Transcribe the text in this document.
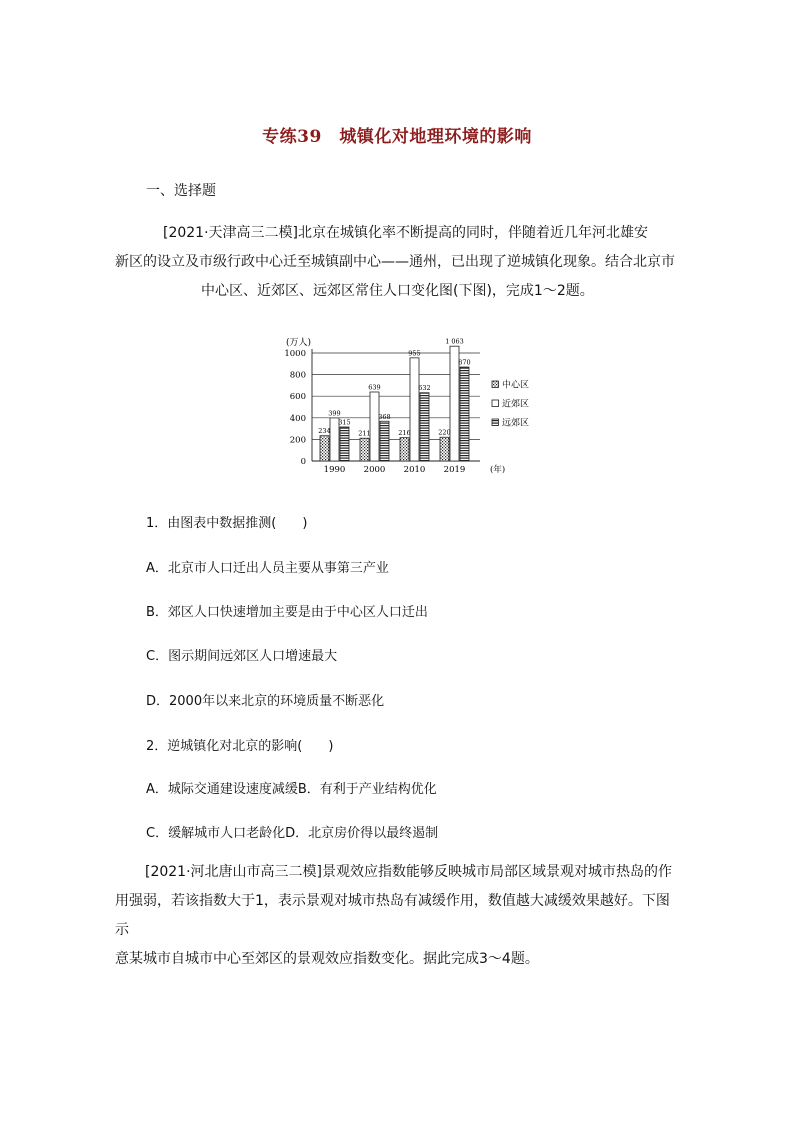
专练39　城镇化对地理环境的影响
一、选择题
[2021·天津高三二模]北京在城镇化率不断提高的同时，伴随着近几年河北雄安
新区的设立及市级行政中心迁至城镇副中心——通州，已出现了逆城镇化现象。结合北京市
中心区、近郊区、远郊区常住人口变化图(下图)，完成1～2题。
(万人)
0
200
400
600
800
1000
234
399
315
1990
211
639
368
2000
216
955
632
2010
220
1 063
870
2019	(年)
中心区
近郊区
远郊区
1．由图表中数据推测(　　)
A．北京市人口迁出人员主要从事第三产业
B．郊区人口快速增加主要是由于中心区人口迁出
C．图示期间远郊区人口增速最大
D．2000年以来北京的环境质量不断恶化
2．逆城镇化对北京的影响(　　)
A．城际交通建设速度减缓B．有利于产业结构优化
C．缓解城市人口老龄化D．北京房价得以最终遏制
[2021·河北唐山市高三二模]景观效应指数能够反映城市局部区域景观对城市热岛的作
用强弱，若该指数大于1，表示景观对城市热岛有减缓作用，数值越大减缓效果越好。下图示
意某城市自城市中心至郊区的景观效应指数变化。据此完成3～4题。
